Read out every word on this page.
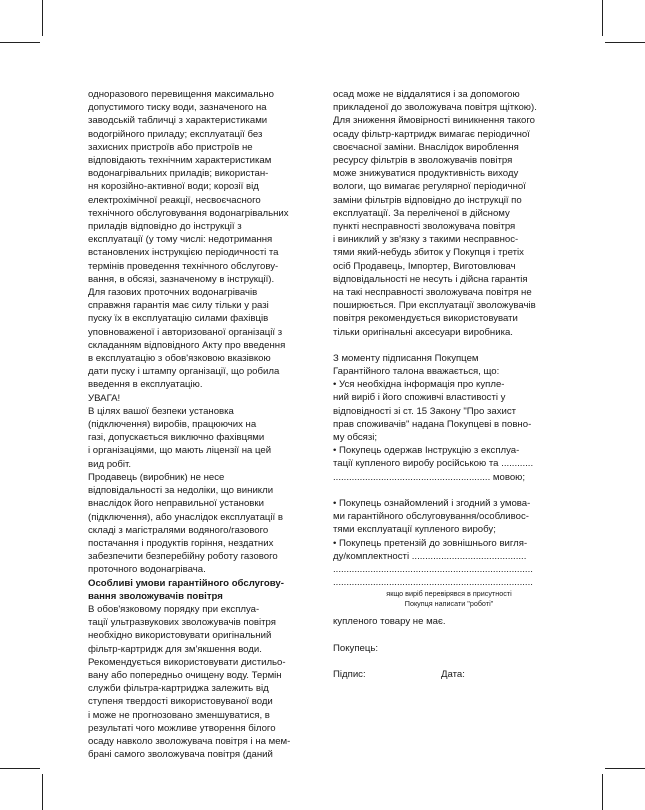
одноразового перевищення максимально
допустимого тиску води, зазначеного на
заводській табличці з характеристиками
водогрійного приладу; експлуатації без
захисних пристроїв або пристроїв не
відповідають технічним характеристикам
водонагрівальних приладів; використан-
ня корозійно-активної води; корозії від
електрохімічної реакції, несвоєчасного
технічного обслуговування водонагрівальних
приладів відповідно до інструкції з
експлуатації (у тому числі: недотримання
встановлених інструкцією періодичності та
термінів проведення технічного обслугову-
вання, в обсязі, зазначеному в інструкції).
Для газових проточних водонагрівачів
справжня гарантія має силу тільки у разі
пуску їх в експлуатацію силами фахівців
уповноваженої і авторизованої організації з
складанням відповідного Акту про введення
в експлуатацію з обов'язковою вказівкою
дати пуску і штампу організації, що робила
введення в експлуатацію.
УВАГА!
В цілях вашої безпеки установка
(підключення) виробів, працюючих на
газі, допускається виключно фахівцями
і організаціями, що мають ліцензії на цей
вид робіт.
Продавець (виробник) не несе
відповідальності за недоліки, що виникли
внаслідок його неправильної установки
(підключення), або унаслідок експлуатації в
складі з магістралями водяного/газового
постачання і продуктів горіння, нездатних
забезпечити безперебійну роботу газового
проточного водонагрівача.
Особливі умови гарантійного обслугову-
вання зволожувачів повітря
В обов'язковому порядку при експлуа-
тації ультразвукових зволожувачів повітря
необхідно використовувати оригінальний
фільтр-картридж для зм'якшення води.
Рекомендується використовувати дистильо-
вану або попередньо очищену воду. Термін
служби фільтра-картриджа залежить від
ступеня твердості використовуваної води
і може не прогнозовано зменшуватися, в
результаті чого можливе утворення білого
осаду навколо зволожувача повітря і на мем-
брані самого зволожувача повітря (даний
осад може не віддалятися і за допомогою
прикладеної до зволожувача повітря щіткою).
Для зниження ймовірності виникнення такого
осаду фільтр-картридж вимагає періодичної
своєчасної заміни. Внаслідок вироблення
ресурсу фільтрів в зволожувачів повітря
може знижуватися продуктивність виходу
вологи, що вимагає регулярної періодичної
заміни фільтрів відповідно до інструкції по
експлуатації. За переліченої в дійсному
пункті несправності зволожувача повітря
і виниклий у зв'язку з такими несправнос-
тями який-небудь збиток у Покупця і третіх
осіб Продавець, Імпортер, Виготовлювач
відповідальності не несуть і дійсна гарантія
на такі несправності зволожувача повітря не
поширюється. При експлуатації зволожувачів
повітря рекомендується використовувати
тільки оригінальні аксесуари виробника.
З моменту підписання Покупцем
Гарантійного талона вважається, що:
• Уся необхідна інформація про купле-
ний виріб і його споживчі властивості у
відповідності зі ст. 15 Закону "Про захист
прав споживачів" надана Покупцеві в повно-
му обсязі;
• Покупець одержав Інструкцію з експлуа-
тації купленого виробу російською та ............
........................................................... мовою;
• Покупець ознайомлений і згодний з умова-
ми гарантійного обслуговування/особливос-
тями експлуатації купленого виробу;
• Покупець претензій до зовнішнього вигля-
ду/комплектності ...........................................
...........................................................................
...........................................................................
якщо виріб перевірявся в присутності
Покупця написати "роботі"
купленого товару не має.
Покупець:
Підпис:	Дата:
